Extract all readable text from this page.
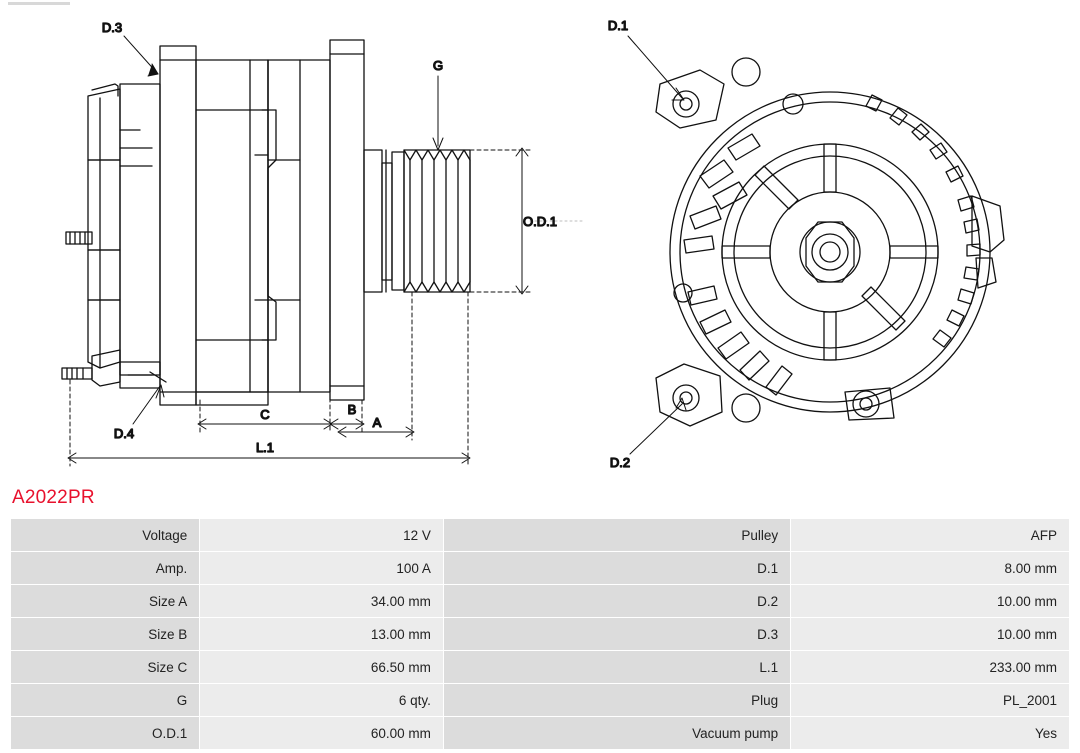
D.3
G
O.D.1
D.4
C	B
A
L.1
D.1
D.2
A2022PR
Voltage	12 V	Pulley	AFP
Amp.	100 A	D.1	8.00 mm
Size A	34.00 mm	D.2	10.00 mm
Size B	13.00 mm	D.3	10.00 mm
Size C	66.50 mm	L.1	233.00 mm
G	6 qty.	Plug	PL_2001
O.D.1	60.00 mm	Vacuum pump	Yes
